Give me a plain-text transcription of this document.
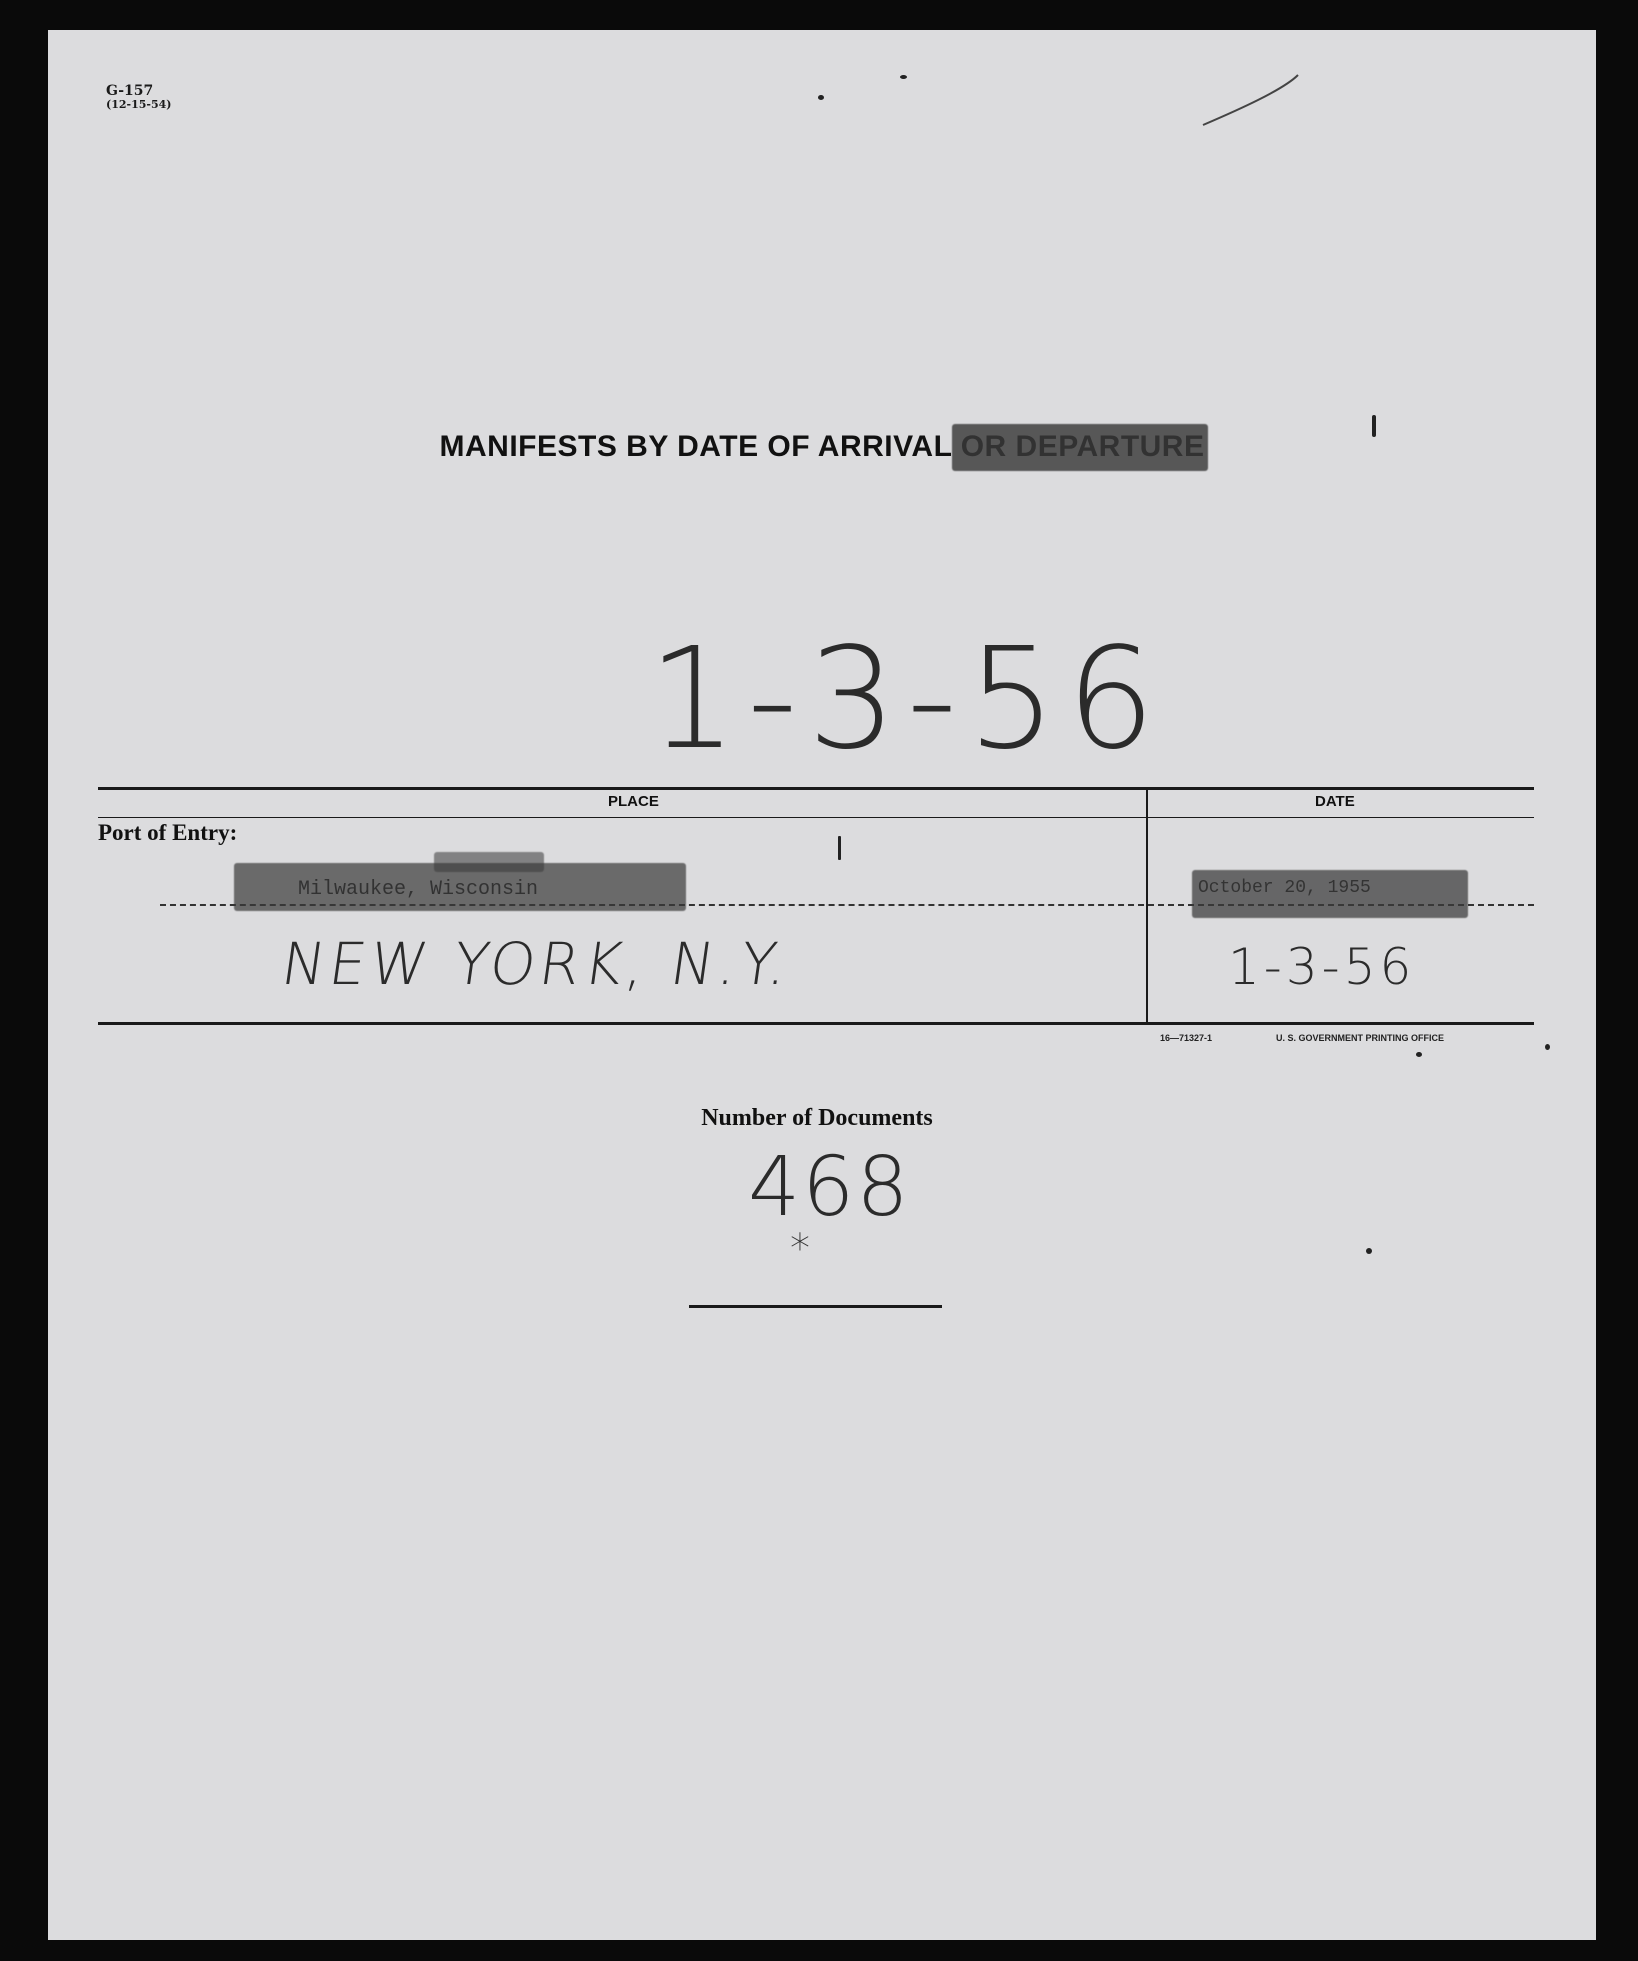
G-157
(12-15-54)
MANIFESTS BY DATE OF ARRIVAL
1-3-56
PLACE	DATE
Port of Entry:
NEW YORK, N.Y.	1-3-56
16—71327-1	U. S. GOVERNMENT PRINTING OFFICE
Number of Documents
468
*
